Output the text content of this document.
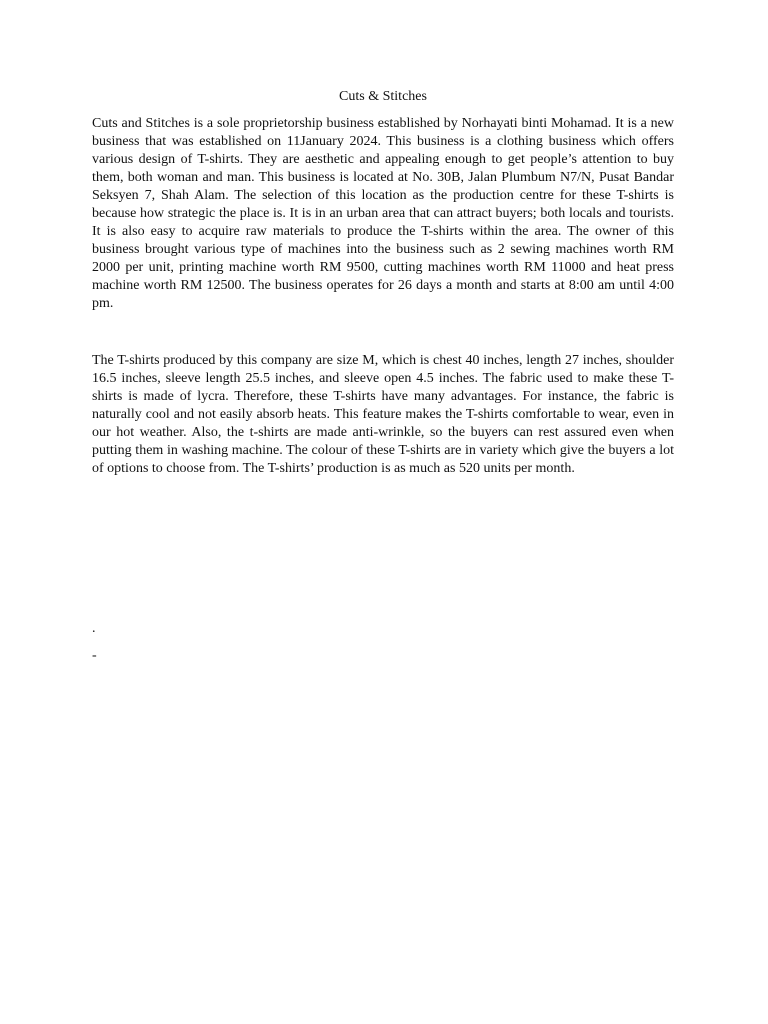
Cuts & Stitches

Cuts and Stitches is a sole proprietorship business established by Norhayati binti Mohamad. It is a new business that was established on 11January 2024. This business is a clothing business which offers various design of T-shirts. They are aesthetic and appealing enough to get people’s attention to buy them, both woman and man. This business is located at No. 30B, Jalan Plumbum N7/N, Pusat Bandar Seksyen 7, Shah Alam. The selection of this location as the production centre for these T-shirts is because how strategic the place is. It is in an urban area that can attract buyers; both locals and tourists. It is also easy to acquire raw materials to produce the T-shirts within the area. The owner of this business brought various type of machines into the business such as 2 sewing machines worth RM 2000 per unit, printing machine worth RM 9500, cutting machines worth RM 11000 and heat press machine worth RM 12500. The business operates for 26 days a month and starts at 8:00 am until 4:00 pm.

The T-shirts produced by this company are size M, which is chest 40 inches, length 27 inches, shoulder 16.5 inches, sleeve length 25.5 inches, and sleeve open 4.5 inches. The fabric used to make these T-shirts is made of lycra. Therefore, these T-shirts have many advantages. For instance, the fabric is naturally cool and not easily absorb heats. This feature makes the T-shirts comfortable to wear, even in our hot weather. Also, the t-shirts are made anti-wrinkle, so the buyers can rest assured even when putting them in washing machine. The colour of these T-shirts are in variety which give the buyers a lot of options to choose from. The T-shirts’ production is as much as 520 units per month.

.

-
